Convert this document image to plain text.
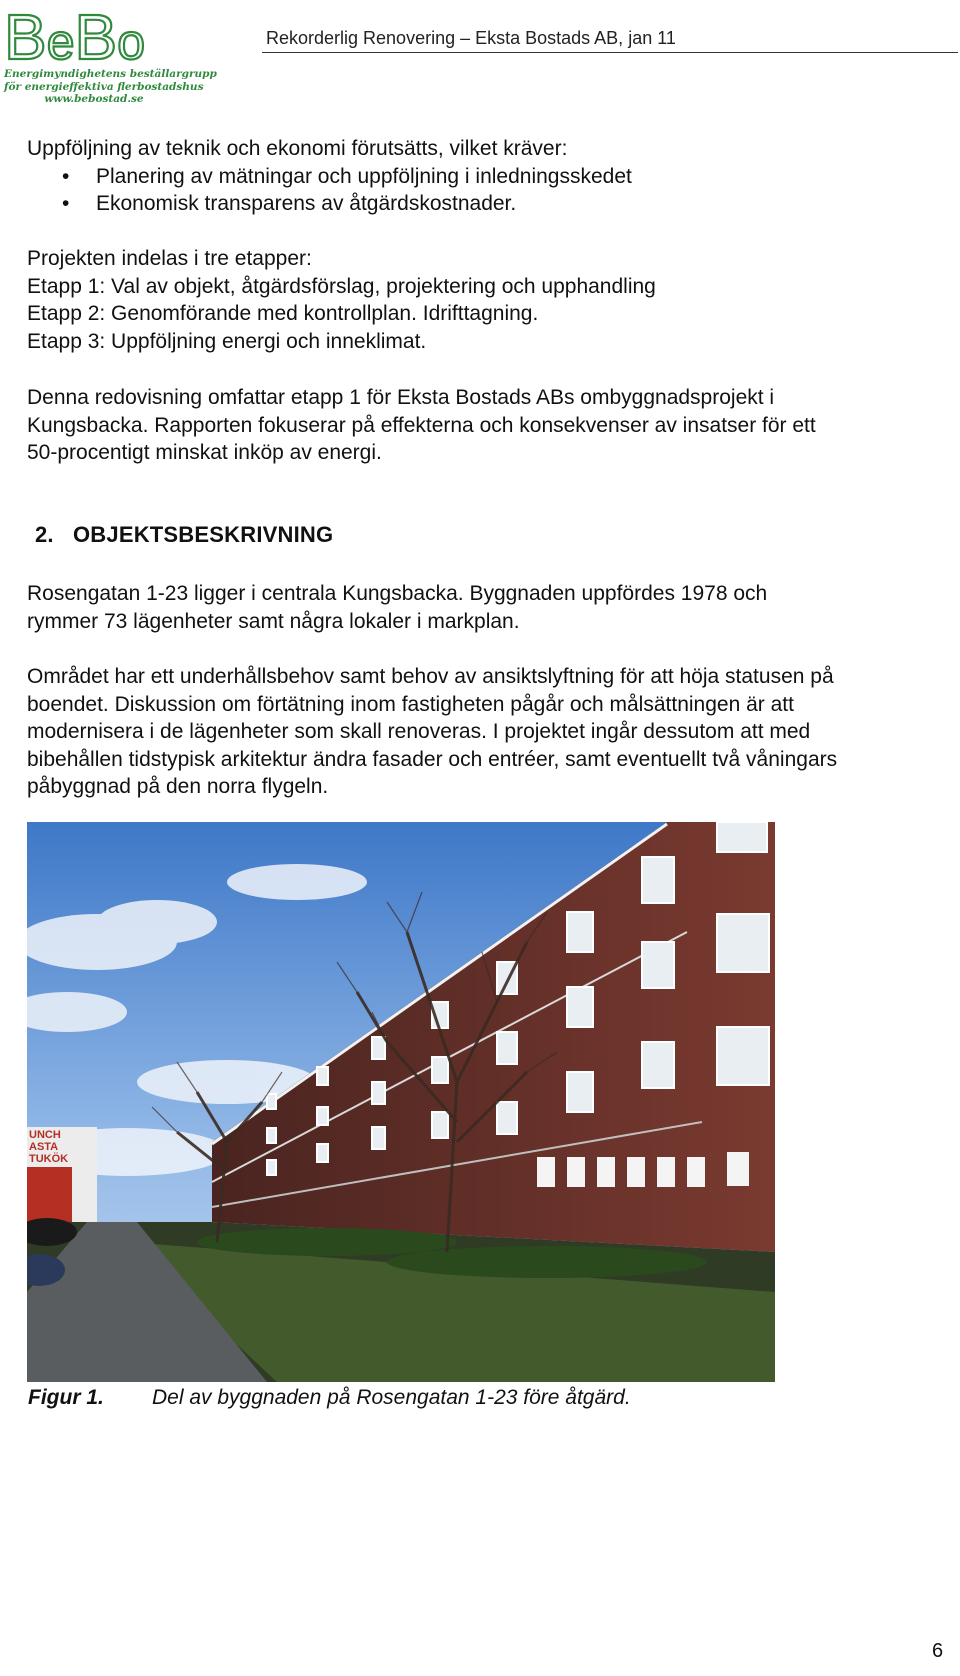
B e B o
Energimyndighetens beställargrupp
för energieffektiva flerbostadshus
www.bebostad.se
Rekorderlig Renovering – Eksta Bostads AB, jan 11
Uppföljning av teknik och ekonomi förutsätts, vilket kräver:
•	Planering av mätningar och uppföljning i inledningsskedet
•	Ekonomisk transparens av åtgärdskostnader.
Projekten indelas i tre etapper:
Etapp 1: Val av objekt, åtgärdsförslag, projektering och upphandling
Etapp 2: Genomförande med kontrollplan. Idrifttagning.
Etapp 3: Uppföljning energi och inneklimat.
Denna redovisning omfattar etapp 1 för Eksta Bostads ABs ombyggnadsprojekt i
Kungsbacka. Rapporten fokuserar på effekterna och konsekvenser av insatser för ett
50-procentigt minskat inköp av energi.
2. OBJEKTSBESKRIVNING
Rosengatan 1-23 ligger i centrala Kungsbacka. Byggnaden uppfördes 1978 och
rymmer 73 lägenheter samt några lokaler i markplan.
Området har ett underhållsbehov samt behov av ansiktslyftning för att höja statusen på
boendet. Diskussion om förtätning inom fastigheten pågår och målsättningen är att
modernisera i de lägenheter som skall renoveras. I projektet ingår dessutom att med
bibehållen tidstypisk arkitektur ändra fasader och entréer, samt eventuellt två våningars
påbyggnad på den norra flygeln.
UNCH
ASTA
TUKÖK
Figur 1. Del av byggnaden på Rosengatan 1-23 före åtgärd.
6
